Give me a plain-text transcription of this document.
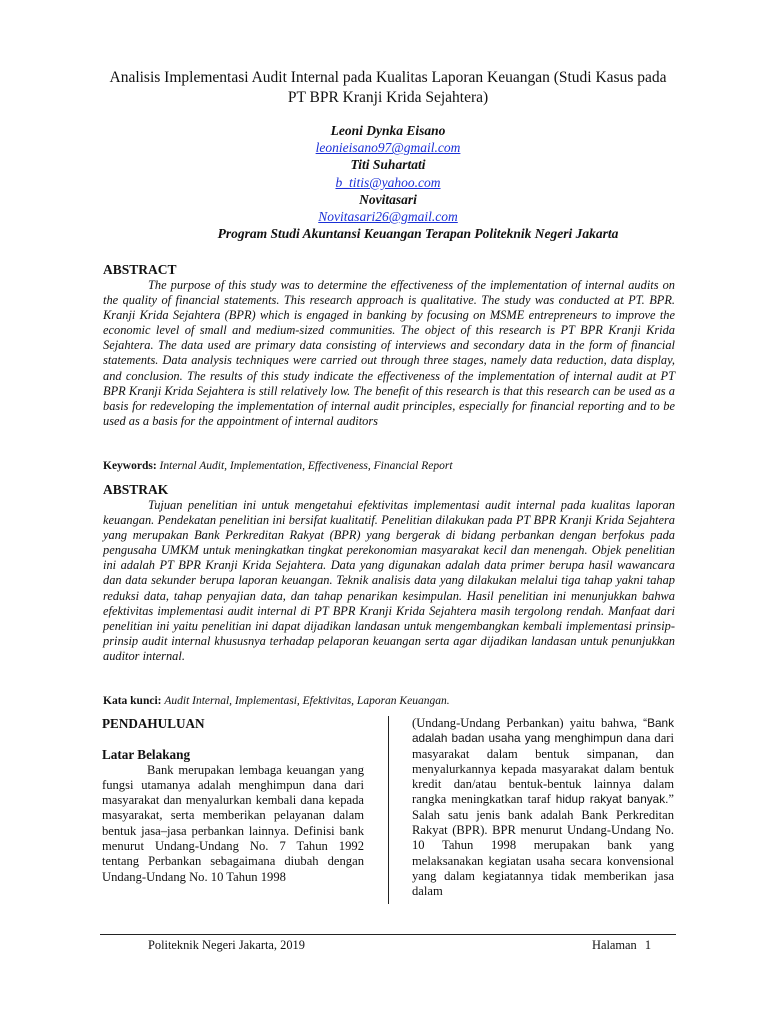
Analisis Implementasi Audit Internal pada Kualitas Laporan Keuangan (Studi Kasus pada PT BPR Kranji Krida Sejahtera)
Leoni Dynka Eisano
leonieisano97@gmail.com
Titi Suhartati
b_titis@yahoo.com
Novitasari
Novitasari26@gmail.com
Program Studi Akuntansi Keuangan Terapan Politeknik Negeri Jakarta
ABSTRACT
The purpose of this study was to determine the effectiveness of the implementation of internal audits on the quality of financial statements. This research approach is qualitative. The study was conducted at PT. BPR. Kranji Krida Sejahtera (BPR) which is engaged in banking by focusing on MSME entrepreneurs to improve the economic level of small and medium-sized communities. The object of this research is PT BPR Kranji Krida Sejahtera. The data used are primary data consisting of interviews and secondary data in the form of financial statements. Data analysis techniques were carried out through three stages, namely data reduction, data display, and conclusion. The results of this study indicate the effectiveness of the implementation of internal audit at PT BPR Kranji Krida Sejahtera is still relatively low. The benefit of this research is that this research can be used as a basis for redeveloping the implementation of internal audit principles, especially for financial reporting and to be used as a basis for the appointment of internal auditors
Keywords: Internal Audit, Implementation, Effectiveness, Financial Report
ABSTRAK
Tujuan penelitian ini untuk mengetahui efektivitas implementasi audit internal pada kualitas laporan keuangan. Pendekatan penelitian ini bersifat kualitatif. Penelitian dilakukan pada PT BPR Kranji Krida Sejahtera yang merupakan Bank Perkreditan Rakyat (BPR) yang bergerak di bidang perbankan dengan berfokus pada pengusaha UMKM untuk meningkatkan tingkat perekonomian masyarakat kecil dan menengah. Objek penelitian ini adalah PT BPR Kranji Krida Sejahtera. Data yang digunakan adalah data primer berupa hasil wawancara dan data sekunder berupa laporan keuangan. Teknik analisis data yang dilakukan melalui tiga tahap yakni tahap reduksi data, tahap penyajian data, dan tahap penarikan kesimpulan. Hasil penelitian ini menunjukkan bahwa efektivitas implementasi audit internal di PT BPR Kranji Krida Sejahtera masih tergolong rendah. Manfaat dari penelitian ini yaitu penelitian ini dapat dijadikan landasan untuk mengembangkan kembali implementasi prinsip-prinsip audit internal khususnya terhadap pelaporan keuangan serta agar dijadikan landasan untuk penunjukkan auditor internal.
Kata kunci: Audit Internal, Implementasi, Efektivitas, Laporan Keuangan.

PENDAHULUAN

Latar Belakang

Bank merupakan lembaga keuangan yang fungsi utamanya adalah menghimpun dana dari masyarakat dan menyalurkan kembali dana kepada masyarakat, serta memberikan pelayanan dalam bentuk jasa–jasa perbankan lainnya. Definisi bank menurut Undang-Undang No. 7 Tahun 1992 tentang Perbankan sebagaimana diubah dengan Undang-Undang No. 10 Tahun 1998

(Undang-Undang Perbankan) yaitu bahwa, “Bank adalah badan usaha yang menghimpun dana dari masyarakat dalam bentuk simpanan, dan menyalurkannya kepada masyarakat dalam bentuk kredit dan/atau bentuk-bentuk lainnya dalam rangka meningkatkan taraf hidup rakyat banyak.” Salah satu jenis bank adalah Bank Perkreditan Rakyat (BPR). BPR menurut Undang-Undang No. 10 Tahun 1998 merupakan bank yang melaksanakan kegiatan usaha secara konvensional yang dalam kegiatannya tidak memberikan jasa dalam

Politeknik Negeri Jakarta, 2019	Halaman 1
